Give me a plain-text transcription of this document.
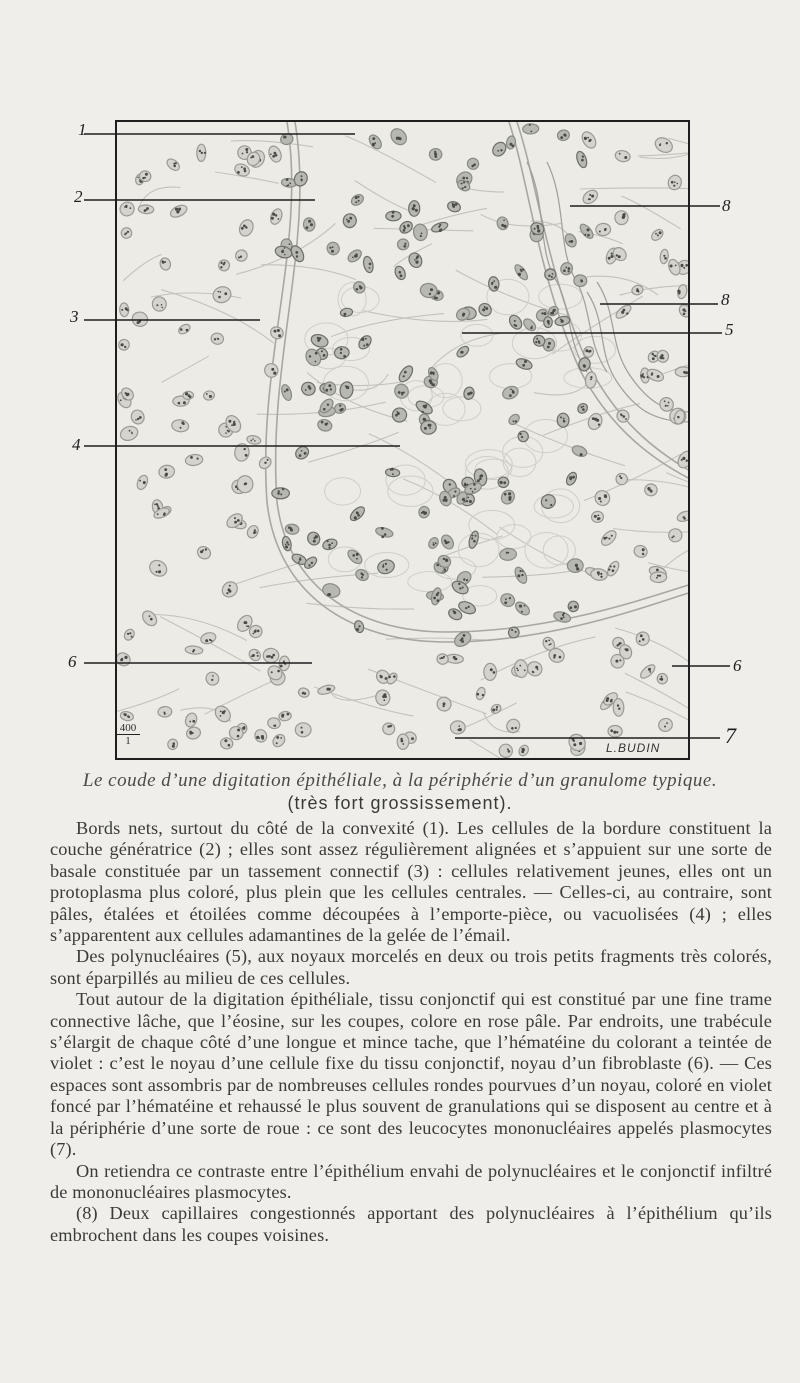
1
2
3
4
6
8
8
5
6
7
$\frac{400}{1}$
L.BUDIN
Le coude d’une digitation épithéliale, à la périphérie d’un granulome typique.
(très fort grossissement).

Bords nets, surtout du côté de la convexité (1). Les cellules de la bordure constituent la couche génératrice (2) ; elles sont assez régulièrement alignées et s’appuient sur une sorte de basale constituée par un tassement connectif (3) : cellules relativement jeunes, elles ont un protoplasma plus coloré, plus plein que les cellules centrales. — Celles-ci, au contraire, sont pâles, étalées et étoilées comme découpées à l’emporte-pièce, ou vacuolisées (4) ; elles s’apparentent aux cellules adamantines de la gelée de l’émail.

Des polynucléaires (5), aux noyaux morcelés en deux ou trois petits fragments très colorés, sont éparpillés au milieu de ces cellules.

Tout autour de la digitation épithéliale, tissu conjonctif qui est constitué par une fine trame connective lâche, que l’éosine, sur les coupes, colore en rose pâle. Par endroits, une trabécule s’élargit de chaque côté d’une longue et mince tache, que l’hématéine du colorant a teintée de violet : c’est le noyau d’une cellule fixe du tissu conjonctif, noyau d’un fibroblaste (6). — Ces espaces sont assombris par de nombreuses cellules rondes pourvues d’un noyau, coloré en violet foncé par l’hématéine et rehaussé le plus souvent de granulations qui se disposent au centre et à la périphérie d’une sorte de roue : ce sont des leucocytes mononucléaires appelés plasmocytes (7).

On retiendra ce contraste entre l’épithélium envahi de polynucléaires et le conjonctif infiltré de mononucléaires plasmocytes.

(8) Deux capillaires congestionnés apportant des polynucléaires à l’épithélium qu’ils embrochent dans les coupes voisines.
